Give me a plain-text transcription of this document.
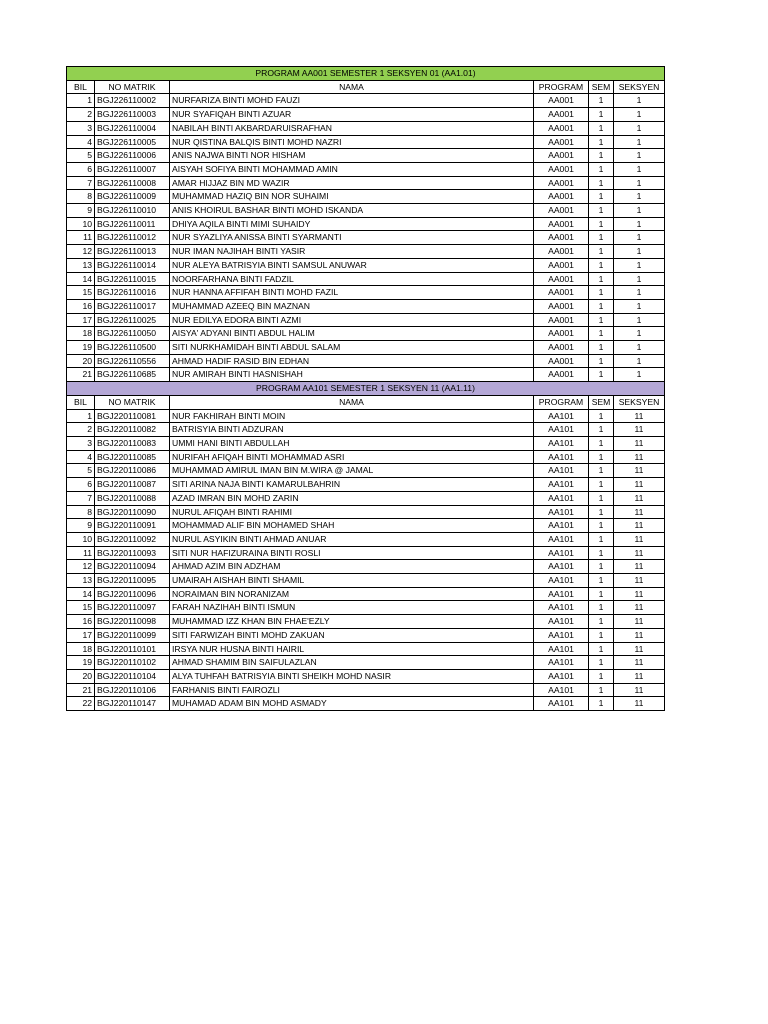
PROGRAM AA001 SEMESTER 1 SEKSYEN 01 (AA1.01)					
BIL	NO MATRIK	NAMA	PROGRAM	SEM	SEKSYEN
1	BGJ226110002	NURFARIZA BINTI MOHD FAUZI	AA001	1	1
2	BGJ226110003	NUR SYAFIQAH BINTI AZUAR	AA001	1	1
3	BGJ226110004	NABILAH BINTI AKBARDARUISRAFHAN	AA001	1	1
4	BGJ226110005	NUR QISTINA BALQIS BINTI MOHD NAZRI	AA001	1	1
5	BGJ226110006	ANIS NAJWA BINTI NOR HISHAM	AA001	1	1
6	BGJ226110007	AISYAH SOFIYA BINTI MOHAMMAD AMIN	AA001	1	1
7	BGJ226110008	AMAR HIJJAZ BIN MD WAZIR	AA001	1	1
8	BGJ226110009	MUHAMMAD HAZIQ BIN NOR SUHAIMI	AA001	1	1
9	BGJ226110010	ANIS KHOIRUL BASHAR BINTI MOHD ISKANDA	AA001	1	1
10	BGJ226110011	DHIYA AQILA BINTI MIMI SUHAIDY	AA001	1	1
11	BGJ226110012	NUR SYAZLIYA ANISSA BINTI SYARMANTI	AA001	1	1
12	BGJ226110013	NUR IMAN NAJIHAH BINTI YASIR	AA001	1	1
13	BGJ226110014	NUR ALEYA BATRISYIA BINTI SAMSUL ANUWAR	AA001	1	1
14	BGJ226110015	NOORFARHANA BINTI FADZIL	AA001	1	1
15	BGJ226110016	NUR HANNA AFFIFAH BINTI MOHD FAZIL	AA001	1	1
16	BGJ226110017	MUHAMMAD AZEEQ BIN MAZNAN	AA001	1	1
17	BGJ226110025	NUR EDILYA EDORA BINTI AZMI	AA001	1	1
18	BGJ226110050	AISYA' ADYANI BINTI ABDUL HALIM	AA001	1	1
19	BGJ226110500	SITI NURKHAMIDAH BINTI ABDUL SALAM	AA001	1	1
20	BGJ226110556	AHMAD HADIF RASID BIN EDHAN	AA001	1	1
21	BGJ226110685	NUR AMIRAH BINTI HASNISHAH	AA001	1	1
PROGRAM AA101 SEMESTER 1 SEKSYEN 11 (AA1.11)					
BIL	NO MATRIK	NAMA	PROGRAM	SEM	SEKSYEN
1	BGJ220110081	NUR FAKHIRAH BINTI MOIN	AA101	1	11
2	BGJ220110082	BATRISYIA BINTI ADZURAN	AA101	1	11
3	BGJ220110083	UMMI HANI BINTI ABDULLAH	AA101	1	11
4	BGJ220110085	NURIFAH AFIQAH BINTI MOHAMMAD ASRI	AA101	1	11
5	BGJ220110086	MUHAMMAD AMIRUL IMAN BIN M.WIRA @ JAMAL	AA101	1	11
6	BGJ220110087	SITI ARINA NAJA BINTI KAMARULBAHRIN	AA101	1	11
7	BGJ220110088	AZAD IMRAN BIN MOHD ZARIN	AA101	1	11
8	BGJ220110090	NURUL AFIQAH BINTI RAHIMI	AA101	1	11
9	BGJ220110091	MOHAMMAD ALIF BIN MOHAMED SHAH	AA101	1	11
10	BGJ220110092	NURUL ASYIKIN BINTI AHMAD ANUAR	AA101	1	11
11	BGJ220110093	SITI NUR HAFIZURAINA BINTI ROSLI	AA101	1	11
12	BGJ220110094	AHMAD AZIM BIN ADZHAM	AA101	1	11
13	BGJ220110095	UMAIRAH AISHAH BINTI SHAMIL	AA101	1	11
14	BGJ220110096	NORAIMAN BIN NORANIZAM	AA101	1	11
15	BGJ220110097	FARAH NAZIHAH BINTI ISMUN	AA101	1	11
16	BGJ220110098	MUHAMMAD IZZ KHAN BIN FHAE'EZLY	AA101	1	11
17	BGJ220110099	SITI FARWIZAH BINTI MOHD ZAKUAN	AA101	1	11
18	BGJ220110101	IRSYA NUR HUSNA BINTI HAIRIL	AA101	1	11
19	BGJ220110102	AHMAD SHAMIM BIN SAIFULAZLAN	AA101	1	11
20	BGJ220110104	ALYA TUHFAH BATRISYIA BINTI SHEIKH MOHD NASIR	AA101	1	11
21	BGJ220110106	FARHANIS BINTI FAIROZLI	AA101	1	11
22	BGJ220110147	MUHAMAD ADAM BIN MOHD ASMADY	AA101	1	11
